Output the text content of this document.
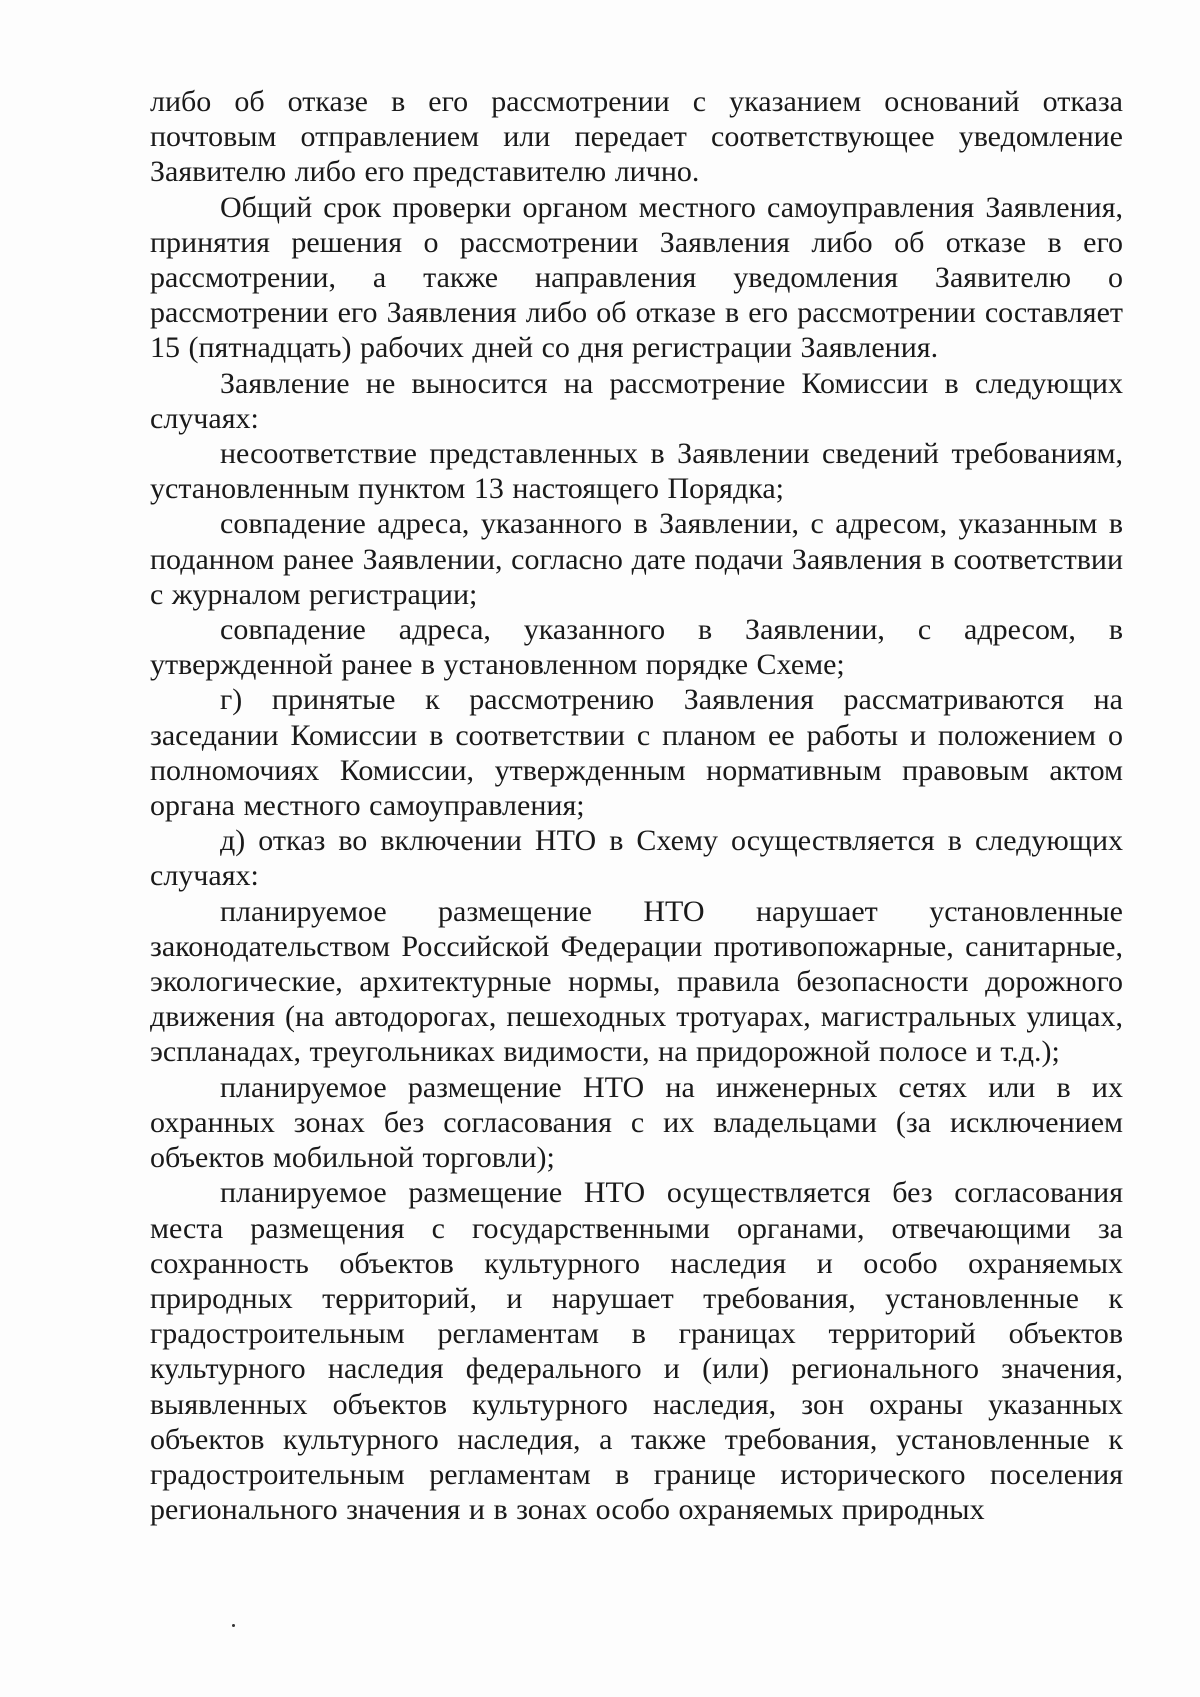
либо об отказе в его рассмотрении с указанием оснований отказа почтовым отправлением или передает соответствующее уведомление Заявителю либо его представителю лично.

Общий срок проверки органом местного самоуправления Заявления, принятия решения о рассмотрении Заявления либо об отказе в его рассмотрении, а также направления уведомления Заявителю о рассмотрении его Заявления либо об отказе в его рассмотрении составляет 15 (пятнадцать) рабочих дней со дня регистрации Заявления.

Заявление не выносится на рассмотрение Комиссии в следующих случаях:

несоответствие представленных в Заявлении сведений требованиям, установленным пунктом 13 настоящего Порядка;

совпадение адреса, указанного в Заявлении, с адресом, указанным в поданном ранее Заявлении, согласно дате подачи Заявления в соответствии с журналом регистрации;

совпадение адреса, указанного в Заявлении, с адресом, в утвержденной ранее в установленном порядке Схеме;

г) принятые к рассмотрению Заявления рассматриваются на заседании Комиссии в соответствии с планом ее работы и положением о полномочиях Комиссии, утвержденным нормативным правовым актом органа местного самоуправления;

д) отказ во включении НТО в Схему осуществляется в следующих случаях:

планируемое размещение НТО нарушает установленные законодательством Российской Федерации противопожарные, санитарные, экологические, архитектурные нормы, правила безопасности дорожного движения (на автодорогах, пешеходных тротуарах, магистральных улицах, эспланадах, треугольниках видимости, на придорожной полосе и т.д.);

планируемое размещение НТО на инженерных сетях или в их охранных зонах без согласования с их владельцами (за исключением объектов мобильной торговли);

планируемое размещение НТО осуществляется без согласования места размещения с государственными органами, отвечающими за сохранность объектов культурного наследия и особо охраняемых природных территорий, и нарушает требования, установленные к градостроительным регламентам в границах территорий объектов культурного наследия федерального и (или) регионального значения, выявленных объектов культурного наследия, зон охраны указанных объектов культурного наследия, а также требования, установленные к градостроительным регламентам в границе исторического поселения регионального значения и в зонах особо охраняемых природных
